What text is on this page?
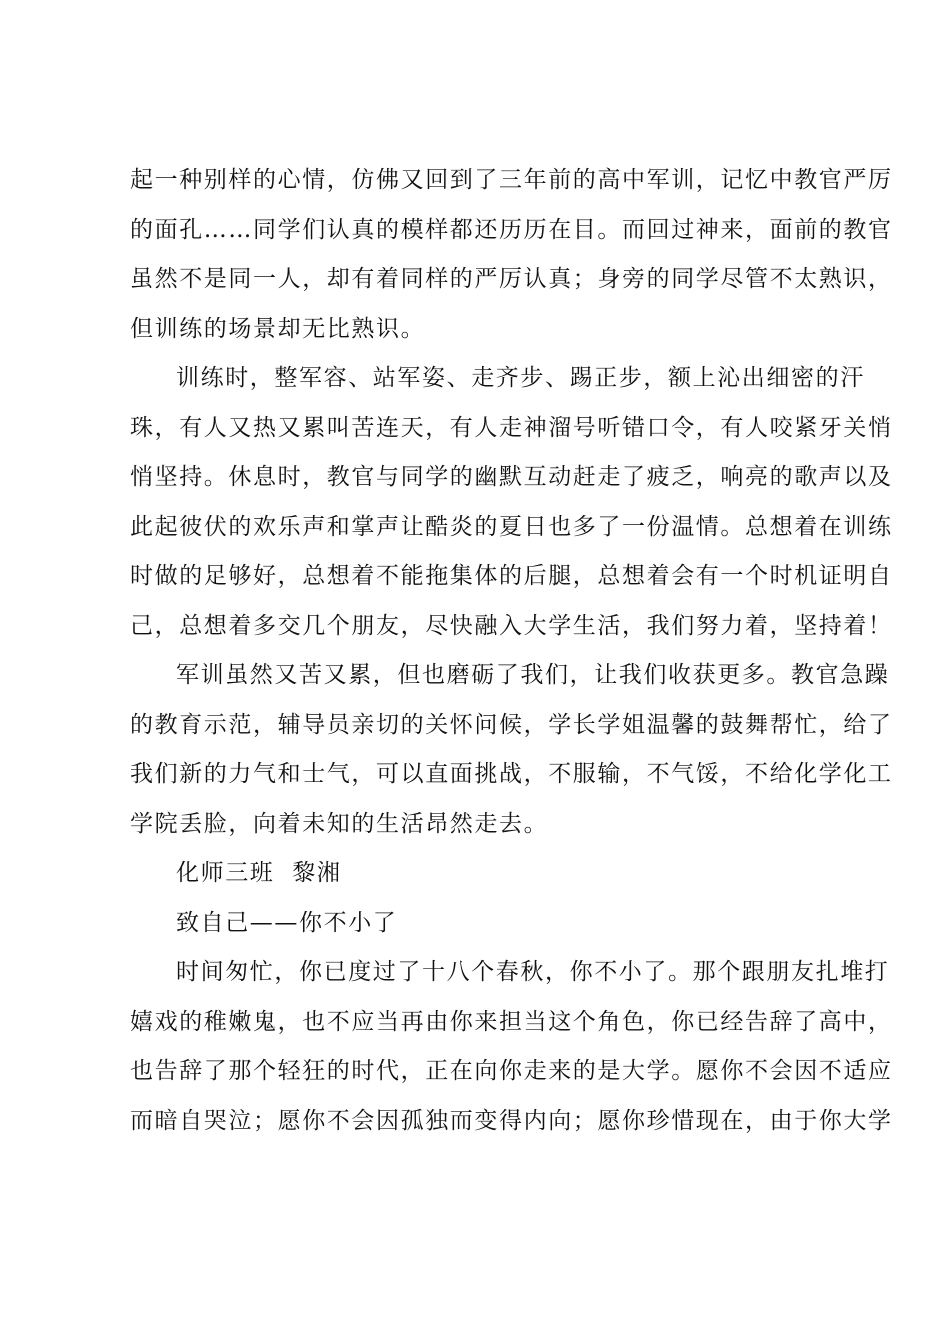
起一种别样的心情，仿佛又回到了三年前的高中军训，记忆中教官严厉
的面孔……同学们认真的模样都还历历在目。而回过神来，面前的教官
虽然不是同一人，却有着同样的严厉认真；身旁的同学尽管不太熟识，
但训练的场景却无比熟识。
训练时，整军容、站军姿、走齐步、踢正步，额上沁出细密的汗
珠，有人又热又累叫苦连天，有人走神溜号听错口令，有人咬紧牙关悄
悄坚持。休息时，教官与同学的幽默互动赶走了疲乏，响亮的歌声以及
此起彼伏的欢乐声和掌声让酷炎的夏日也多了一份温情。总想着在训练
时做的足够好，总想着不能拖集体的后腿，总想着会有一个时机证明自
己，总想着多交几个朋友，尽快融入大学生活，我们努力着，坚持着！
军训虽然又苦又累，但也磨砺了我们，让我们收获更多。教官急躁
的教育示范，辅导员亲切的关怀问候，学长学姐温馨的鼓舞帮忙，给了
我们新的力气和士气，可以直面挑战，不服输，不气馁，不给化学化工
学院丢脸，向着未知的生活昂然走去。
化师三班  黎湘
致自己——你不小了
时间匆忙，你已度过了十八个春秋，你不小了。那个跟朋友扎堆打
嬉戏的稚嫩鬼，也不应当再由你来担当这个角色，你已经告辞了高中，
也告辞了那个轻狂的时代，正在向你走来的是大学。愿你不会因不适应
而暗自哭泣；愿你不会因孤独而变得内向；愿你珍惜现在，由于你大学
